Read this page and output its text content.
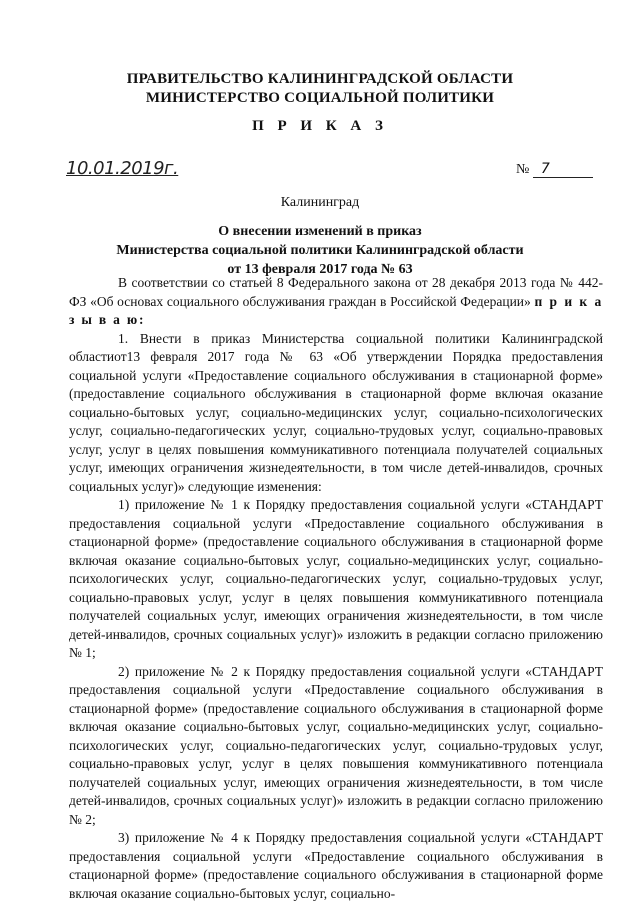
ПРАВИТЕЛЬСТВО КАЛИНИНГРАДСКОЙ ОБЛАСТИ
МИНИСТЕРСТВО СОЦИАЛЬНОЙ ПОЛИТИКИ
П Р И К А З
10.01.2019г.	№ 7
Калининград
О внесении изменений в приказ
Министерства социальной политики Калининградской области
от 13 февраля 2017 года № 63

В соответствии со статьей 8 Федерального закона от 28 декабря 2013 года № 442-ФЗ «Об основах социального обслуживания граждан в Российской Федерации» п р и к а з ы в а ю:

1. Внести в приказ Министерства социальной политики Калининградской областиот13 февраля 2017 года № 63 «Об утверждении Порядка предоставления социальной услуги «Предоставление социального обслуживания в стационарной форме» (предоставление социального обслуживания в стационарной форме включая оказание социально-бытовых услуг, социально-медицинских услуг, социально-психологических услуг, социально-педагогических услуг, социально-трудовых услуг, социально-правовых услуг, услуг в целях повышения коммуникативного потенциала получателей социальных услуг, имеющих ограничения жизнедеятельности, в том числе детей-инвалидов, срочных социальных услуг)» следующие изменения:

1) приложение № 1 к Порядку предоставления социальной услуги «СТАНДАРТ предоставления социальной услуги «Предоставление социального обслуживания в стационарной форме» (предоставление социального обслуживания в стационарной форме включая оказание социально-бытовых услуг, социально-медицинских услуг, социально-психологических услуг, социально-педагогических услуг, социально-трудовых услуг, социально-правовых услуг, услуг в целях повышения коммуникативного потенциала получателей социальных услуг, имеющих ограничения жизнедеятельности, в том числе детей-инвалидов, срочных социальных услуг)» изложить в редакции согласно приложению № 1;

2) приложение № 2 к Порядку предоставления социальной услуги «СТАНДАРТ предоставления социальной услуги «Предоставление социального обслуживания в стационарной форме» (предоставление социального обслуживания в стационарной форме включая оказание социально-бытовых услуг, социально-медицинских услуг, социально-психологических услуг, социально-педагогических услуг, социально-трудовых услуг, социально-правовых услуг, услуг в целях повышения коммуникативного потенциала получателей социальных услуг, имеющих ограничения жизнедеятельности, в том числе детей-инвалидов, срочных социальных услуг)» изложить в редакции согласно приложению № 2;

3) приложение № 4 к Порядку предоставления социальной услуги «СТАНДАРТ предоставления социальной услуги «Предоставление социального обслуживания в стационарной форме» (предоставление социального обслуживания в стационарной форме включая оказание социально-бытовых услуг, социально-
